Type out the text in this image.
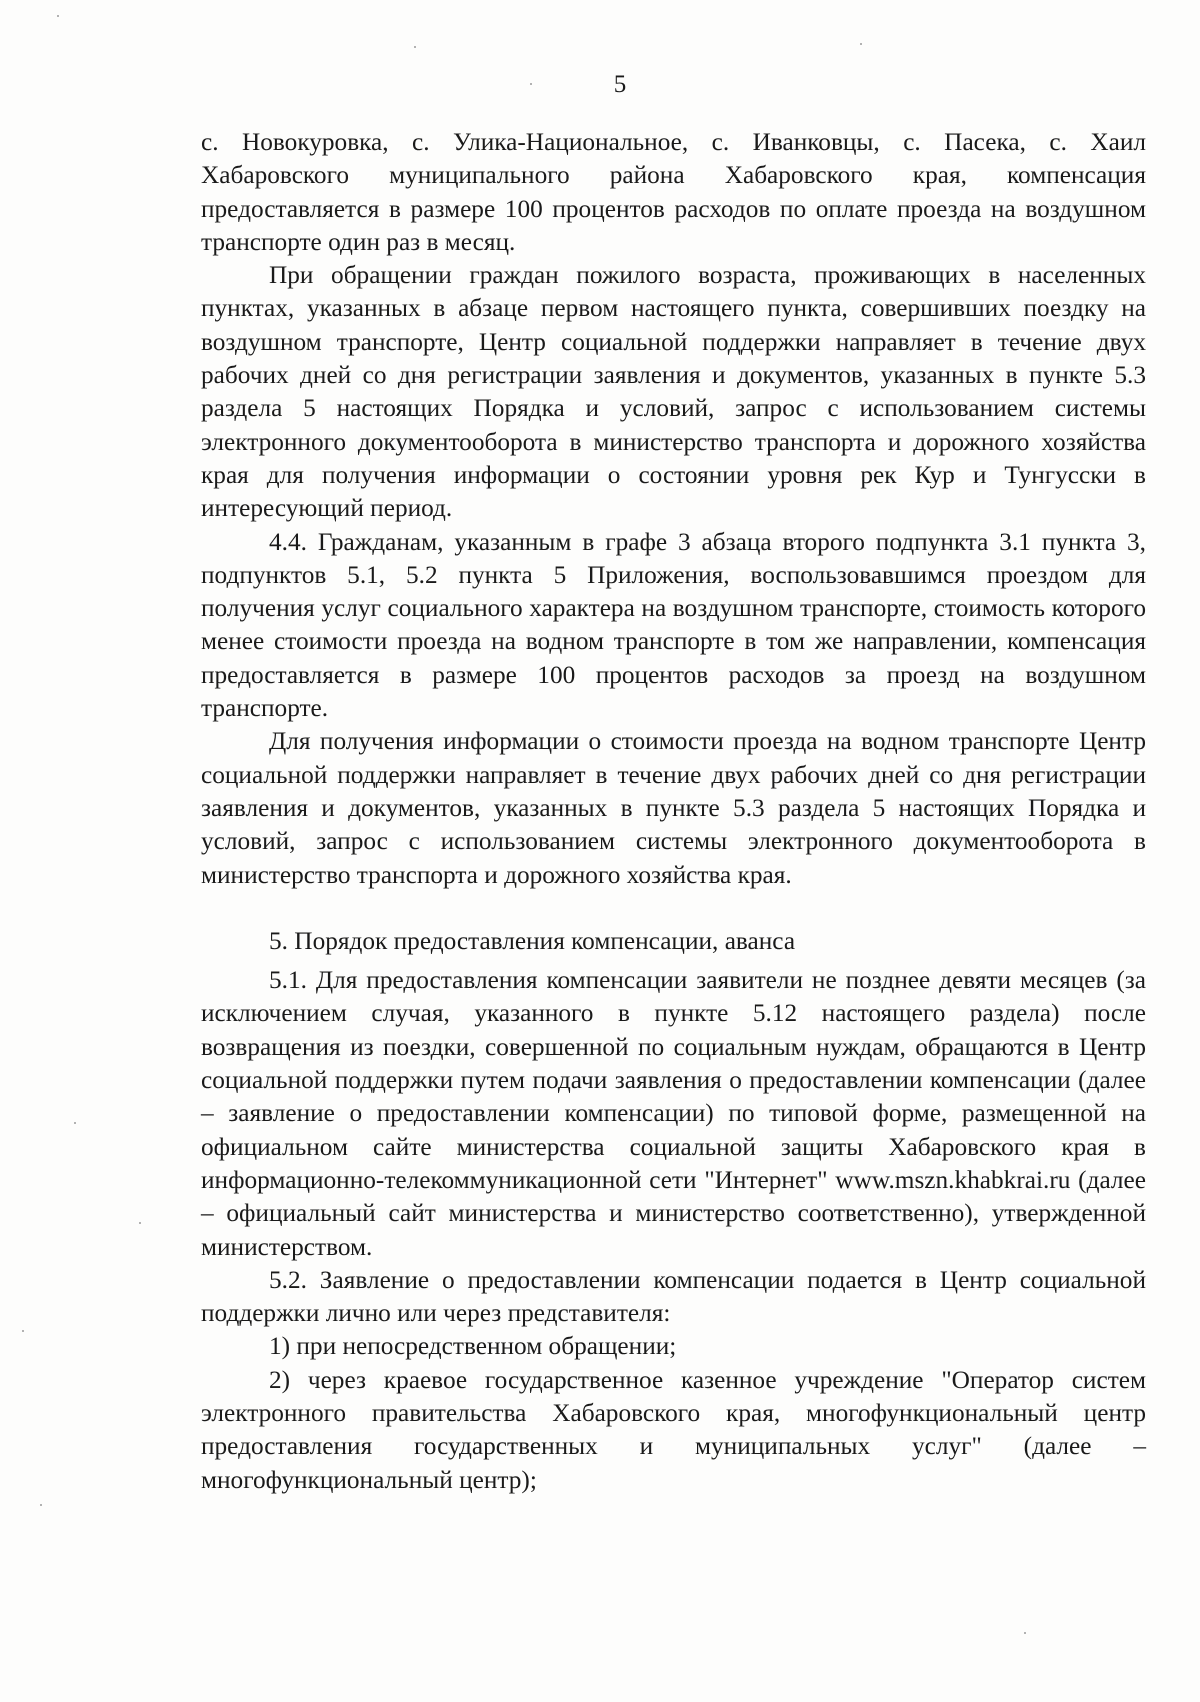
5

с. Новокуровка, с. Улика-Национальное, с. Иванковцы, с. Пасека, с. Хаил Хабаровского муниципального района Хабаровского края, компенсация предоставляется в размере 100 процентов расходов по оплате проезда на воздушном транспорте один раз в месяц.

При обращении граждан пожилого возраста, проживающих в населенных пунктах, указанных в абзаце первом настоящего пункта, совершивших поездку на воздушном транспорте, Центр социальной поддержки направляет в течение двух рабочих дней со дня регистрации заявления и документов, указанных в пункте 5.3 раздела 5 настоящих Порядка и условий, запрос с использованием системы электронного документооборота в министерство транспорта и дорожного хозяйства края для получения информации о состоянии уровня рек Кур и Тунгусски в интересующий период.

4.4. Гражданам, указанным в графе 3 абзаца второго подпункта 3.1 пункта 3, подпунктов 5.1, 5.2 пункта 5 Приложения, воспользовавшимся проездом для получения услуг социального характера на воздушном транспорте, стоимость которого менее стоимости проезда на водном транспорте в том же направлении, компенсация предоставляется в размере 100 процентов расходов за проезд на воздушном транспорте.

Для получения информации о стоимости проезда на водном транспорте Центр социальной поддержки направляет в течение двух рабочих дней со дня регистрации заявления и документов, указанных в пункте 5.3 раздела 5 настоящих Порядка и условий, запрос с использованием системы электронного документооборота в министерство транспорта и дорожного хозяйства края.

5. Порядок предоставления компенсации, аванса

5.1. Для предоставления компенсации заявители не позднее девяти месяцев (за исключением случая, указанного в пункте 5.12 настоящего раздела) после возвращения из поездки, совершенной по социальным нуждам, обращаются в Центр социальной поддержки путем подачи заявления о предоставлении компенсации (далее – заявление о предоставлении компенсации) по типовой форме, размещенной на официальном сайте министерства социальной защиты Хабаровского края в информационно-телекоммуникационной сети "Интернет" www.mszn.khabkrai.ru (далее – официальный сайт министерства и министерство соответственно), утвержденной министерством.

5.2. Заявление о предоставлении компенсации подается в Центр социальной поддержки лично или через представителя:

1) при непосредственном обращении;

2) через краевое государственное казенное учреждение "Оператор систем электронного правительства Хабаровского края, многофункциональный центр предоставления государственных и муниципальных услуг" (далее – многофункциональный центр);
